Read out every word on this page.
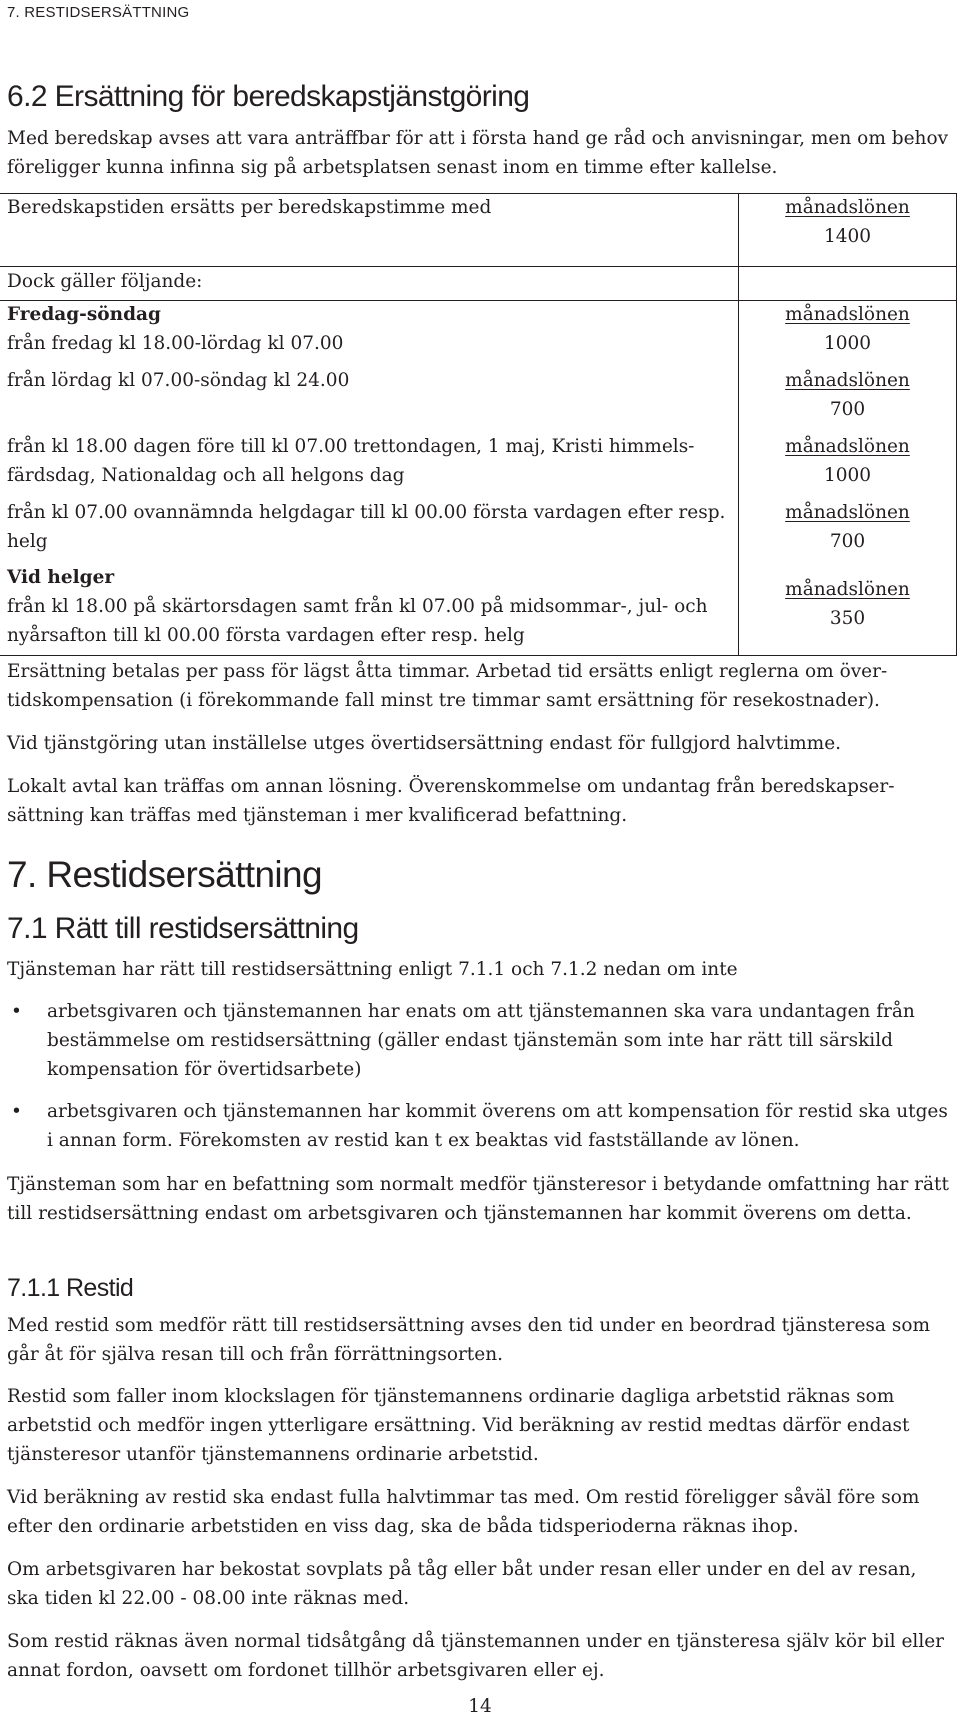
7. RESTIDSERSÄTTNING
6.2 Ersättning för beredskapstjänstgöring

Med beredskap avses att vara anträffbar för att i första hand ge råd och anvisningar, men om behov föreligger kunna infinna sig på arbetsplatsen senast inom en timme efter kallelse.

Beredskapstiden ersätts per beredskapstimme med	månadslönen
1400
Dock gäller följande:
Fredag-söndag
från fredag kl 18.00-lördag kl 07.00
månadslönen
1000
från lördag kl 07.00-söndag kl 24.00	månadslönen
700
från kl 18.00 dagen före till kl 07.00 trettondagen, 1 maj, Kristi himmels-färdsdag, Nationaldag och all helgons dag
månadslönen
1000
från kl 07.00 ovannämnda helgdagar till kl 00.00 första vardagen efter resp. helg
månadslönen
700
Vid helger
från kl 18.00 på skärtorsdagen samt från kl 07.00 på midsommar-, jul- och nyårsafton till kl 00.00 första vardagen efter resp. helg
månadslönen
350

Ersättning betalas per pass för lägst åtta timmar. Arbetad tid ersätts enligt reglerna om över-tidskompensation (i förekommande fall minst tre timmar samt ersättning för resekostnader).

Vid tjänstgöring utan inställelse utges övertidsersättning endast för fullgjord halvtimme.

Lokalt avtal kan träffas om annan lösning. Överenskommelse om undantag från beredskapser-sättning kan träffas med tjänsteman i mer kvalificerad befattning.

7. Restidsersättning
7.1 Rätt till restidsersättning

Tjänsteman har rätt till restidsersättning enligt 7.1.1 och 7.1.2 nedan om inte

• arbetsgivaren och tjänstemannen har enats om att tjänstemannen ska vara undantagen från bestämmelse om restidsersättning (gäller endast tjänstemän som inte har rätt till särskild kompensation för övertidsarbete)
• arbetsgivaren och tjänstemannen har kommit överens om att kompensation för restid ska utges i annan form. Förekomsten av restid kan t ex beaktas vid fastställande av lönen.

Tjänsteman som har en befattning som normalt medför tjänsteresor i betydande omfattning har rätt till restidsersättning endast om arbetsgivaren och tjänstemannen har kommit överens om detta.

7.1.1 Restid

Med restid som medför rätt till restidsersättning avses den tid under en beordrad tjänsteresa som går åt för själva resan till och från förrättningsorten.

Restid som faller inom klockslagen för tjänstemannens ordinarie dagliga arbetstid räknas som arbetstid och medför ingen ytterligare ersättning. Vid beräkning av restid medtas därför endast tjänsteresor utanför tjänstemannens ordinarie arbetstid.

Vid beräkning av restid ska endast fulla halvtimmar tas med. Om restid föreligger såväl före som efter den ordinarie arbetstiden en viss dag, ska de båda tidsperioderna räknas ihop.

Om arbetsgivaren har bekostat sovplats på tåg eller båt under resan eller under en del av resan, ska tiden kl 22.00 - 08.00 inte räknas med.

Som restid räknas även normal tidsåtgång då tjänstemannen under en tjänsteresa själv kör bil eller annat fordon, oavsett om fordonet tillhör arbetsgivaren eller ej.

14
